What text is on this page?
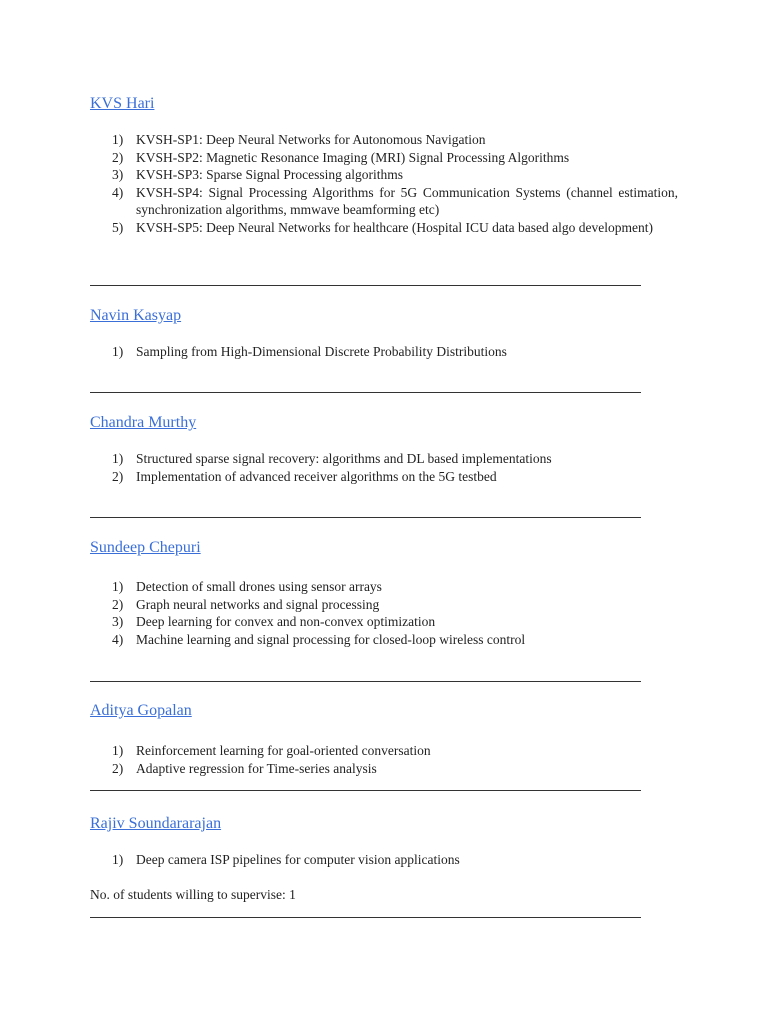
KVS Hari
1) KVSH-SP1: Deep Neural Networks for Autonomous Navigation
2) KVSH-SP2: Magnetic Resonance Imaging (MRI) Signal Processing Algorithms
3) KVSH-SP3: Sparse Signal Processing algorithms
4) KVSH-SP4: Signal Processing Algorithms for 5G Communication Systems (channel estimation, synchronization algorithms, mmwave beamforming etc)
5) KVSH-SP5: Deep Neural Networks for healthcare (Hospital ICU data based algo development)
Navin Kasyap
1) Sampling from High-Dimensional Discrete Probability Distributions
Chandra Murthy
1) Structured sparse signal recovery: algorithms and DL based implementations
2) Implementation of advanced receiver algorithms on the 5G testbed
Sundeep Chepuri
1) Detection of small drones using sensor arrays
2) Graph neural networks and signal processing
3) Deep learning for convex and non-convex optimization
4) Machine learning and signal processing for closed-loop wireless control
Aditya Gopalan
1) Reinforcement learning for goal-oriented conversation
2) Adaptive regression for Time-series analysis
Rajiv Soundararajan
1) Deep camera ISP pipelines for computer vision applications
No. of students willing to supervise: 1
